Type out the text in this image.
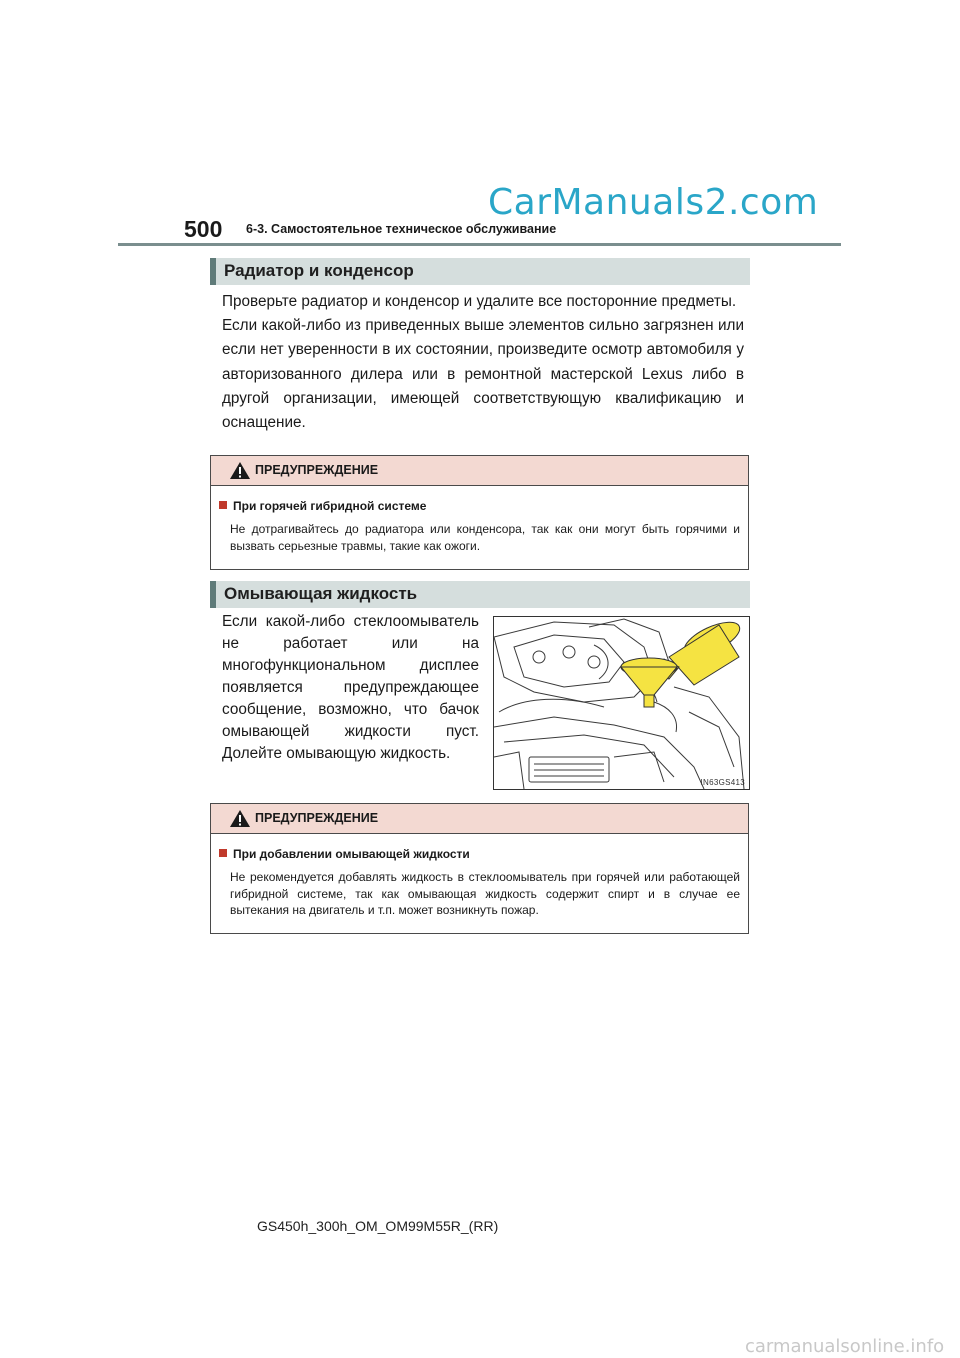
CarManuals2.com
500 6-3. Самостоятельное техническое обслуживание
Радиатор и конденсор

Проверьте радиатор и конденсор и удалите все посторонние предметы.

Если какой-либо из приведенных выше элементов сильно загрязнен или если нет уверенности в их состоянии, произведите осмотр автомобиля у авторизованного дилера или в ремонтной мастерской Lexus либо в другой организации, имеющей соответствующую квалификацию и оснащение.

ПРЕДУПРЕЖДЕНИЕ
При горячей гибридной системе
Не дотрагивайтесь до радиатора или конденсора, так как они могут быть горячими и вызвать серьезные травмы, такие как ожоги.
Омывающая жидкость

Если какой-либо стеклоомыватель не работает или на многофункциональном дисплее появляется предупреждающее сообщение, возможно, что бачок омывающей жидкости пуст. Долейте омывающую жидкость.

IN63GS413
ПРЕДУПРЕЖДЕНИЕ
При добавлении омывающей жидкости
Не рекомендуется добавлять жидкость в стеклоомыватель при горячей или работающей гибридной системе, так как омывающая жидкость содержит спирт и в случае ее вытекания на двигатель и т.п. может возникнуть пожар.
GS450h_300h_OM_OM99M55R_(RR)
carmanualsonline.info
